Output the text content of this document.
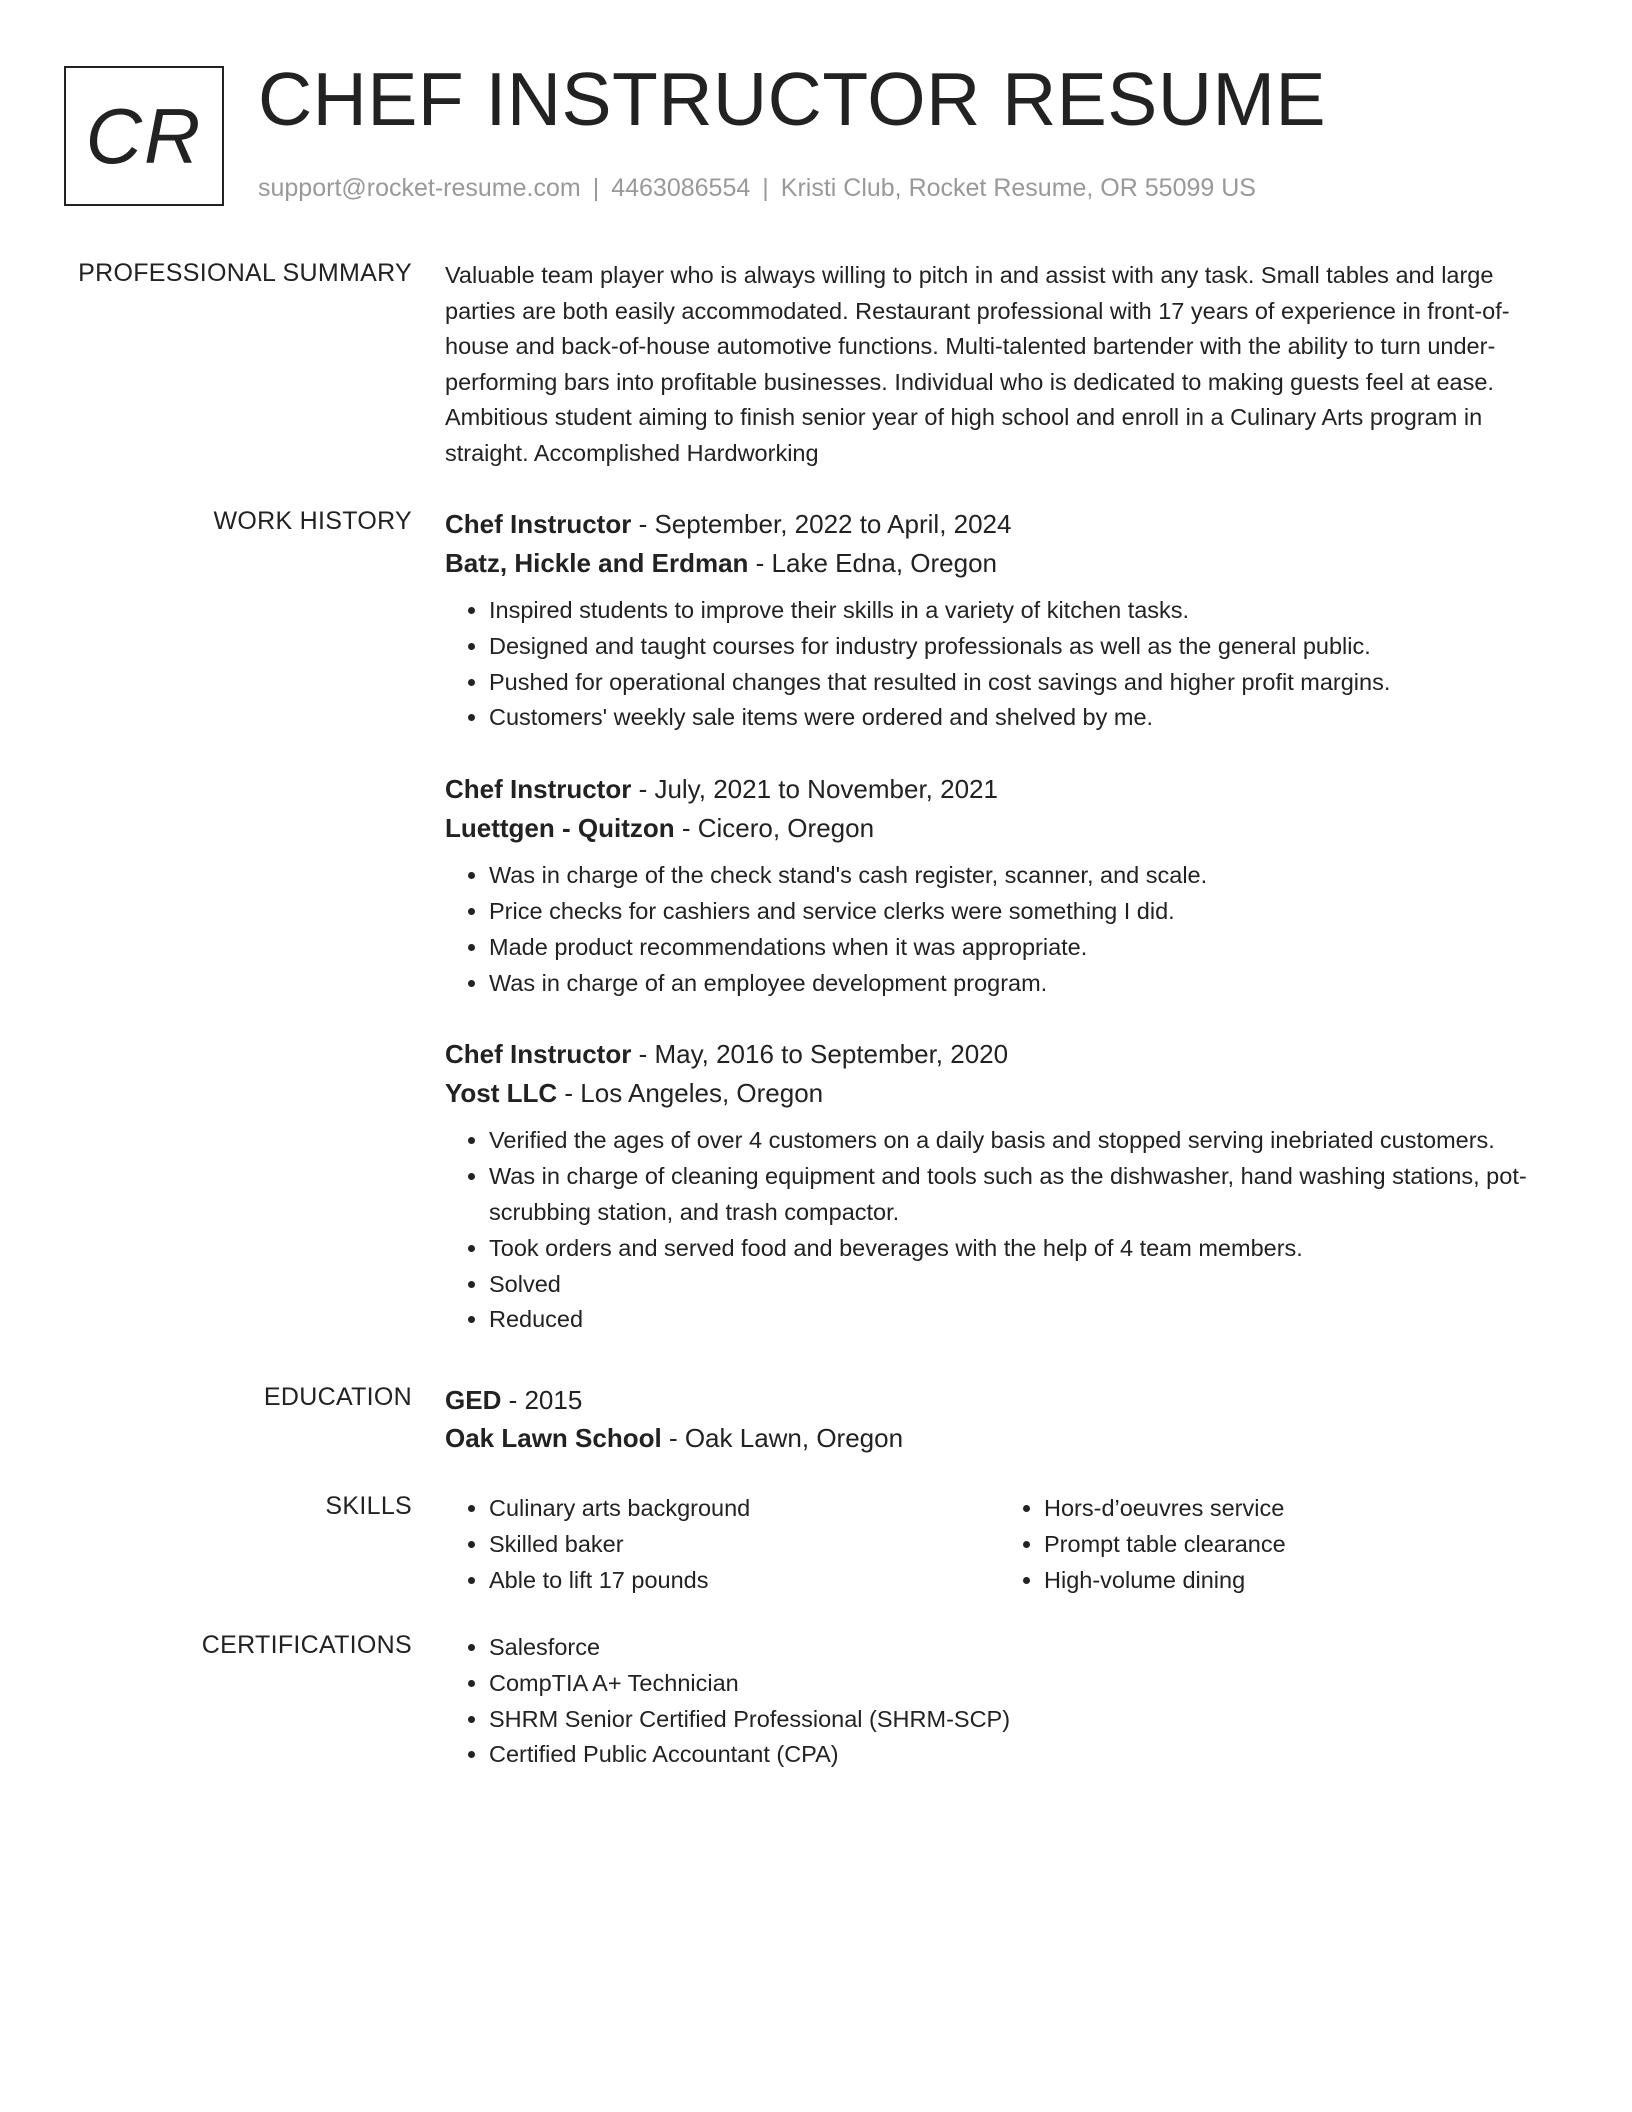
CR CHEF INSTRUCTOR RESUME
support@rocket-resume.com | 4463086554 | Kristi Club, Rocket Resume, OR 55099 US
PROFESSIONAL SUMMARY Valuable team player who is always willing to pitch in and assist with any task. Small tables and large parties are both easily accommodated. Restaurant professional with 17 years of experience in front-of-house and back-of-house automotive functions. Multi-talented bartender with the ability to turn under-performing bars into profitable businesses. Individual who is dedicated to making guests feel at ease. Ambitious student aiming to finish senior year of high school and enroll in a Culinary Arts program in straight. Accomplished Hardworking

WORK HISTORY Chef Instructor - September, 2022 to April, 2024
Batz, Hickle and Erdman - Lake Edna, Oregon
• Inspired students to improve their skills in a variety of kitchen tasks.
• Designed and taught courses for industry professionals as well as the general public.
• Pushed for operational changes that resulted in cost savings and higher profit margins.
• Customers' weekly sale items were ordered and shelved by me.
Chef Instructor - July, 2021 to November, 2021
Luettgen - Quitzon - Cicero, Oregon
• Was in charge of the check stand's cash register, scanner, and scale.
• Price checks for cashiers and service clerks were something I did.
• Made product recommendations when it was appropriate.
• Was in charge of an employee development program.
Chef Instructor - May, 2016 to September, 2020
Yost LLC - Los Angeles, Oregon
• Verified the ages of over 4 customers on a daily basis and stopped serving inebriated customers.
• Was in charge of cleaning equipment and tools such as the dishwasher, hand washing stations, pot-scrubbing station, and trash compactor.
• Took orders and served food and beverages with the help of 4 team members.
• Solved
• Reduced
EDUCATION GED - 2015
Oak Lawn School - Oak Lawn, Oregon
SKILLS	• Culinary arts background
• Skilled baker
• Able to lift 17 pounds
• Hors-d’oeuvres service
• Prompt table clearance
• High-volume dining
CERTIFICATIONS	• Salesforce
• CompTIA A+ Technician
• SHRM Senior Certified Professional (SHRM-SCP)
• Certified Public Accountant (CPA)
